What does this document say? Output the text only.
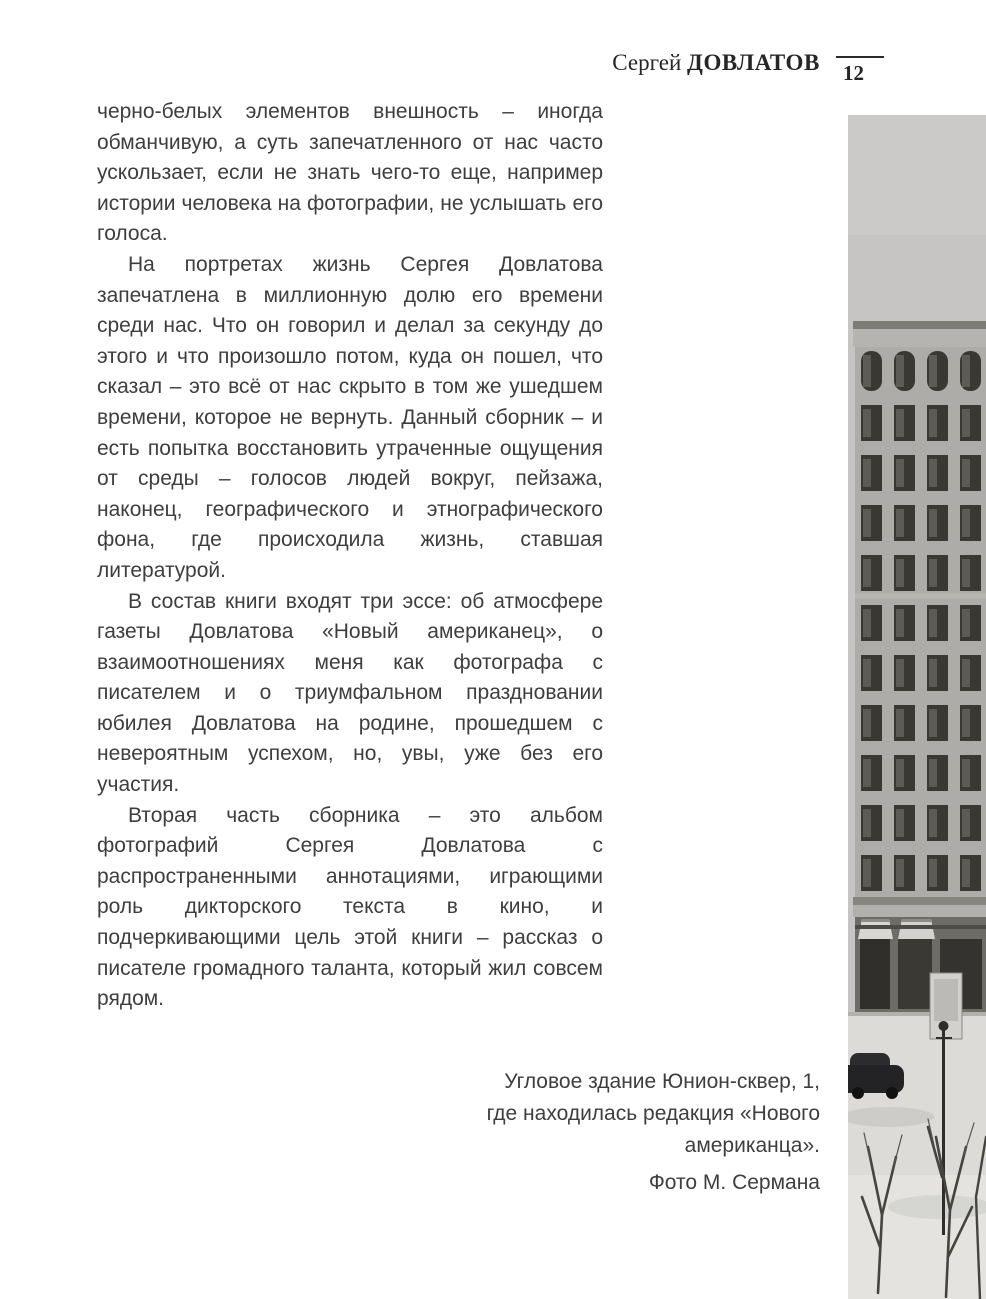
Сергей ДОВЛАТОВ 12

черно-белых элементов внешность – иногда обманчивую, а суть запечатленного от нас часто ускользает, если не знать чего-то еще, например истории человека на фотографии, не услышать его голоса.

На портретах жизнь Сергея Довлатова запечатлена в миллионную долю его времени среди нас. Что он говорил и делал за секунду до этого и что произошло потом, куда он пошел, что сказал – это всё от нас скрыто в том же ушедшем времени, которое не вернуть. Данный сборник – и есть попытка восстановить утраченные ощущения от среды – голосов людей вокруг, пейзажа, наконец, географического и этнографического фона, где происходила жизнь, ставшая литературой.

В состав книги входят три эссе: об атмосфере газеты Довлатова «Новый американец», о взаимоотношениях меня как фотографа с писателем и о триумфальном праздновании юбилея Довлатова на родине, прошедшем с невероятным успехом, но, увы, уже без его участия.

Вторая часть сборника – это альбом фотографий Сергея Довлатова с распространенными аннотациями, играющими роль дикторского текста в кино, и подчеркивающими цель этой книги – рассказ о писателе громадного таланта, который жил совсем рядом.

Угловое здание Юнион-сквер, 1,
где находилась редакция «Нового
американца».
Фото М. Сермана
